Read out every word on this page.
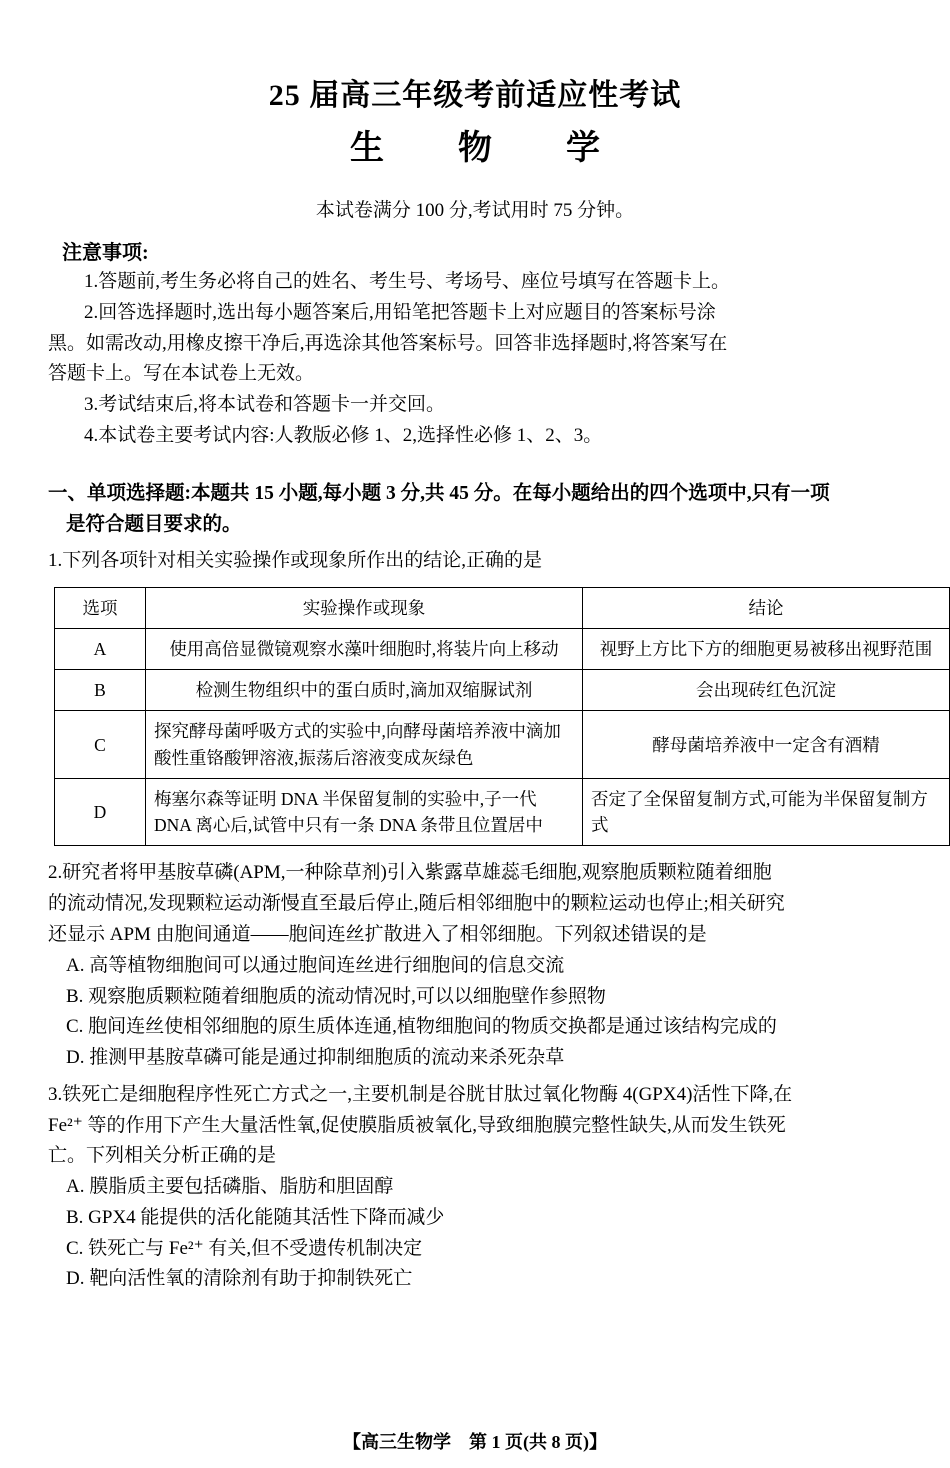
25 届高三年级考前适应性考试
生　物　学
本试卷满分 100 分,考试用时 75 分钟。
注意事项:

1.答题前,考生务必将自己的姓名、考生号、考场号、座位号填写在答题卡上。

2.回答选择题时,选出每小题答案后,用铅笔把答题卡上对应题目的答案标号涂

黑。如需改动,用橡皮擦干净后,再选涂其他答案标号。回答非选择题时,将答案写在

答题卡上。写在本试卷上无效。

3.考试结束后,将本试卷和答题卡一并交回。

4.本试卷主要考试内容:人教版必修 1、2,选择性必修 1、2、3。

一、单项选择题:本题共 15 小题,每小题 3 分,共 45 分。在每小题给出的四个选项中,只有一项
是符合题目要求的。
1.下列各项针对相关实验操作或现象所作出的结论,正确的是
选项	实验操作或现象	结论
A	使用高倍显微镜观察水藻叶细胞时,将装片向上移动	视野上方比下方的细胞更易被移出视野范围
B	检测生物组织中的蛋白质时,滴加双缩脲试剂	会出现砖红色沉淀
C	探究酵母菌呼吸方式的实验中,向酵母菌培养液中滴加酸性重铬酸钾溶液,振荡后溶液变成灰绿色	酵母菌培养液中一定含有酒精
D	梅塞尔森等证明 DNA 半保留复制的实验中,子一代 DNA 离心后,试管中只有一条 DNA 条带且位置居中	否定了全保留复制方式,可能为半保留复制方式
2.研究者将甲基胺草磷(APM,一种除草剂)引入紫露草雄蕊毛细胞,观察胞质颗粒随着细胞
的流动情况,发现颗粒运动渐慢直至最后停止,随后相邻细胞中的颗粒运动也停止;相关研究
还显示 APM 由胞间通道——胞间连丝扩散进入了相邻细胞。下列叙述错误的是
A. 高等植物细胞间可以通过胞间连丝进行细胞间的信息交流
B. 观察胞质颗粒随着细胞质的流动情况时,可以以细胞壁作参照物
C. 胞间连丝使相邻细胞的原生质体连通,植物细胞间的物质交换都是通过该结构完成的
D. 推测甲基胺草磷可能是通过抑制细胞质的流动来杀死杂草
3.铁死亡是细胞程序性死亡方式之一,主要机制是谷胱甘肽过氧化物酶 4(GPX4)活性下降,在
Fe²⁺ 等的作用下产生大量活性氧,促使膜脂质被氧化,导致细胞膜完整性缺失,从而发生铁死
亡。下列相关分析正确的是
A. 膜脂质主要包括磷脂、脂肪和胆固醇
B. GPX4 能提供的活化能随其活性下降而减少
C. 铁死亡与 Fe²⁺ 有关,但不受遗传机制决定
D. 靶向活性氧的清除剂有助于抑制铁死亡
【高三生物学　 第 1 页(共 8 页)】
